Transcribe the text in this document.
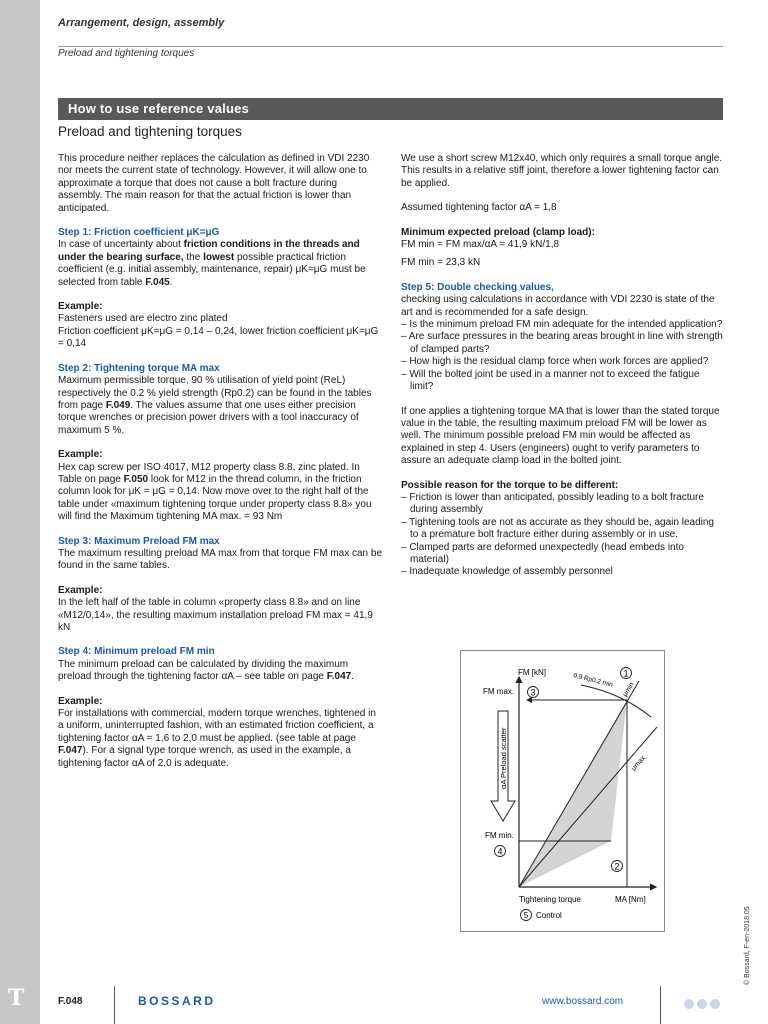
T
Arrangement, design, assembly
Preload and tightening torques
How to use reference values
Preload and tightening torques

This procedure neither replaces the calculation as defined in VDI 2230 nor meets the current state of technology. However, it will allow one to approximate a torque that does not cause a bolt fracture during assembly. The main reason for that the actual friction is lower than anticipated.

Step 1: Friction coefficient μK=μG

In case of uncertainty about friction conditions in the threads and under the bearing surface, the lowest possible practical friction coefficient (e.g. initial assembly, maintenance, repair) μK=μG must be selected from table F.045.

Example:
Fasteners used are electro zinc plated

Friction coefficient μK=μG = 0,14 – 0,24, lower friction coefficient μK=μG = 0,14

Step 2: Tightening torque MA max

Maximum permissible torque, 90 % utilisation of yield point (ReL) respectively the 0.2 % yield strength (Rp0.2) can be found in the tables from page F.049. The values assume that one uses either precision torque wrenches or precision power drivers with a tool inaccuracy of maximum 5 %.

Example:

Hex cap screw per ISO 4017, M12 property class 8.8, zinc plated. In Table on page F.050 look for M12 in the thread column, in the friction column look for μK = μG = 0,14. Now move over to the right half of the table under «maximum tightening torque under property class 8.8» you will find the Maximum tightening MA max. = 93 Nm

Step 3: Maximum Preload FM max

The maximum resulting preload MA max from that torque FM max can be found in the same tables.

Example:

In the left half of the table in column «property class 8.8» and on line «M12/0,14», the resulting maximum installation preload FM max = 41,9 kN

Step 4: Minimum preload FM min

The minimum preload can be calculated by dividing the maximum preload through the tightening factor αA – see table on page F.047.

Example:

For installations with commercial, modern torque wrenches, tightened in a uniform, uninterrupted fashion, with an estimated friction coefficient, a tightening factor αA = 1,6 to 2,0 must be applied. (see table at page F.047). For a signal type torque wrench, as used in the example, a tightening factor αA of 2,0 is adequate.

We use a short screw M12x40, which only requires a small torque angle. This results in a relative stiff joint, therefore a lower tightening factor can be applied.

Assumed tightening factor αA = 1,8

Minimum expected preload (clamp load):
FM min = FM max/αA = 41,9 kN/1,8

FM min = 23,3 kN

Step 5: Double checking values,
checking using calculations in accordance with VDI 2230 is state of the art and is recommended for a safe design.
– Is the minimum preload FM min adequate for the intended application?
– Are surface pressures in the bearing areas brought in line with strength of clamped parts?
– How high is the residual clamp force when work forces are applied?
– Will the bolted joint be used in a manner not to exceed the fatigue limit?

If one applies a tightening torque MA that is lower than the stated torque value in the table, the resulting maximum preload FM will be lower as well. The minimum possible preload FM min would be affected as explained in step 4. Users (engineers) ought to verify parameters to assure an adequate clamp load in the bolted joint.

Possible reason for the torque to be different:
– Friction is lower than anticipated, possibly leading to a bolt fracture during assembly
– Tightening tools are not as accurate as they should be, again leading to a premature bolt fracture either during assembly or in use.
– Clamped parts are deformed unexpectedly (head embeds into material)
– Inadequate knowledge of assembly personnel
1
2
3
4
5
FM [kN]
FM max.
FM min.
0,9 Rp0,2 min
μmin
μmax
αA Preload scatter
Tightening torque	MA [Nm]
Control
F.048	BOSSARD	www.bossard.com
© Bossard, F-en-2018.05
